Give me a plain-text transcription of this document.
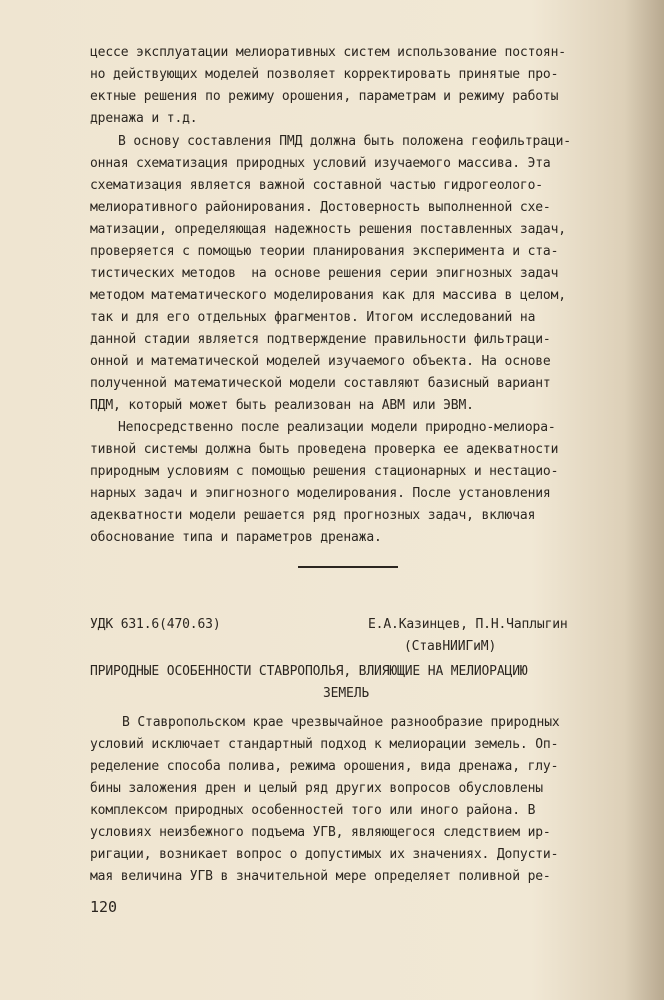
цессе эксплуатации мелиоративных систем использование постоян-
но действующих моделей позволяет корректировать принятые про-
ектные решения по режиму орошения, параметрам и режиму работы
дренажа и т.д.
В основу составления ПМД должна быть положена геофильтраци-
онная схематизация природных условий изучаемого массива. Эта
схематизация является важной составной частью гидрогеолого-
мелиоративного районирования. Достоверность выполненной схе-
матизации, определяющая надежность решения поставленных задач,
проверяется с помощью теории планирования эксперимента и ста-
тистических методов  на основе решения серии эпигнозных задач
методом математического моделирования как для массива в целом,
так и для его отдельных фрагментов. Итогом исследований на
данной стадии является подтверждение правильности фильтраци-
онной и математической моделей изучаемого объекта. На основе
полученной математической модели составляют базисный вариант
ПДМ, который может быть реализован на АВМ или ЭВМ.
Непосредственно после реализации модели природно-мелиора-
тивной системы должна быть проведена проверка ее адекватности
природным условиям с помощью решения стационарных и нестацио-
нарных задач и эпигнозного моделирования. После установления
адекватности модели решается ряд прогнозных задач, включая
обоснование типа и параметров дренажа.
УДК 631.6(470.63)	Е.А.Казинцев, П.Н.Чаплыгин
(СтавНИИГиМ)
ПРИРОДНЫЕ ОСОБЕННОСТИ СТАВРОПОЛЬЯ, ВЛИЯЮЩИЕ НА МЕЛИОРАЦИЮ
ЗЕМЕЛЬ
В Ставропольском крае чрезвычайное разнообразие природных
условий исключает стандартный подход к мелиорации земель. Оп-
ределение способа полива, режима орошения, вида дренажа, глу-
бины заложения дрен и целый ряд других вопросов обусловлены
комплексом природных особенностей того или иного района. В
условиях неизбежного подъема УГВ, являющегося следствием ир-
ригации, возникает вопрос о допустимых их значениях. Допусти-
мая величина УГВ в значительной мере определяет поливной ре-
120
